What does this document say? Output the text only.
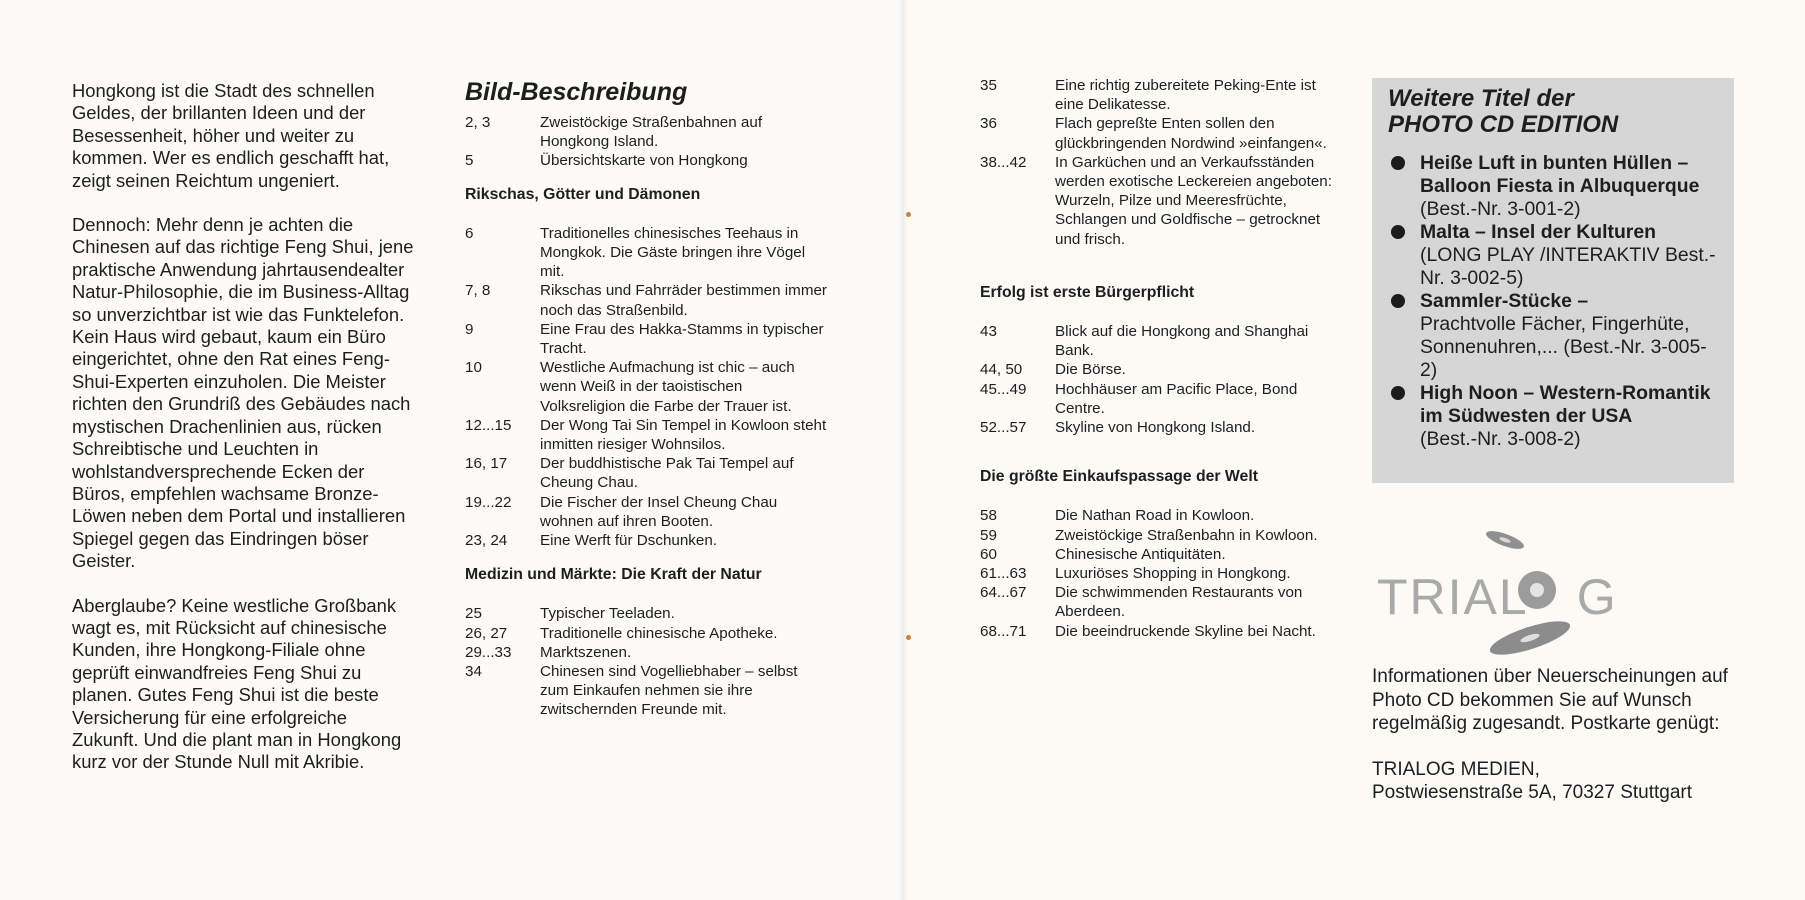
Hongkong ist die Stadt des schnellen Geldes, der brillanten Ideen und der Besessenheit, höher und weiter zu kommen. Wer es endlich geschafft hat, zeigt seinen Reichtum ungeniert.

Dennoch: Mehr denn je achten die Chinesen auf das richtige Feng Shui, jene praktische Anwendung jahrtausendealter Natur-Philosophie, die im Business-Alltag so unverzichtbar ist wie das Funktelefon. Kein Haus wird gebaut, kaum ein Büro eingerichtet, ohne den Rat eines Feng-Shui-Experten einzuholen. Die Meister richten den Grundriß des Gebäudes nach mystischen Drachenlinien aus, rücken Schreibtische und Leuchten in wohlstandversprechende Ecken der Büros, empfehlen wachsame Bronze-Löwen neben dem Portal und installieren Spiegel gegen das Eindringen böser Geister.

Aberglaube? Keine westliche Großbank wagt es, mit Rücksicht auf chinesische Kunden, ihre Hongkong-Filiale ohne geprüft einwandfreies Feng Shui zu planen. Gutes Feng Shui ist die beste Versicherung für eine erfolgreiche Zukunft. Und die plant man in Hongkong kurz vor der Stunde Null mit Akribie.

Bild-Beschreibung
2, 3	Zweistöckige Straßenbahnen auf Hongkong Island.
5	Übersichtskarte von Hongkong
Rikschas, Götter und Dämonen
6	Traditionelles chinesisches Teehaus in Mongkok. Die Gäste bringen ihre Vögel mit.
7, 8	Rikschas und Fahrräder bestimmen immer noch das Straßenbild.
9	Eine Frau des Hakka-Stamms in typischer Tracht.
10	Westliche Aufmachung ist chic – auch wenn Weiß in der taoistischen Volksreligion die Farbe der Trauer ist.
12...15	Der Wong Tai Sin Tempel in Kowloon steht inmitten riesiger Wohnsilos.
16, 17	Der buddhistische Pak Tai Tempel auf Cheung Chau.
19...22	Die Fischer der Insel Cheung Chau wohnen auf ihren Booten.
23, 24	Eine Werft für Dschunken.
Medizin und Märkte: Die Kraft der Natur
25	Typischer Teeladen.
26, 27	Traditionelle chinesische Apotheke.
29...33	Marktszenen.
34	Chinesen sind Vogelliebhaber – selbst zum Einkaufen nehmen sie ihre zwitschernden Freunde mit.
35	Eine richtig zubereitete Peking-Ente ist eine Delikatesse.
36	Flach gepreßte Enten sollen den glückbringenden Nordwind »einfangen«.
38...42	In Garküchen und an Verkaufsständen werden exotische Leckereien angeboten: Wurzeln, Pilze und Meeresfrüchte, Schlangen und Goldfische – getrocknet und frisch.
Erfolg ist erste Bürgerpflicht
43	Blick auf die Hongkong and Shanghai Bank.
44, 50	Die Börse.
45...49	Hochhäuser am Pacific Place, Bond Centre.
52...57	Skyline von Hongkong Island.
Die größte Einkaufspassage der Welt
58	Die Nathan Road in Kowloon.
59	Zweistöckige Straßenbahn in Kowloon.
60	Chinesische Antiquitäten.
61...63	Luxuriöses Shopping in Hongkong.
64...67	Die schwimmenden Restaurants von Aberdeen.
68...71	Die beeindruckende Skyline bei Nacht.
Weitere Titel der
PHOTO CD EDITION
Heiße Luft in bunten Hüllen – Balloon Fiesta in Albuquerque
(Best.-Nr. 3-001-2)
Malta – Insel der Kulturen
(LONG PLAY /INTERAKTIV Best.-Nr. 3-002-5)
Sammler-Stücke –
Prachtvolle Fächer, Fingerhüte, Sonnenuhren,... (Best.-Nr. 3-005-2)
High Noon – Western-Romantik im Südwesten der USA
(Best.-Nr. 3-008-2)
TRIAL G

Informationen über Neuerscheinungen auf Photo CD bekommen Sie auf Wunsch regelmäßig zugesandt. Postkarte genügt:

TRIALOG MEDIEN,
Postwiesenstraße 5A, 70327 Stuttgart
